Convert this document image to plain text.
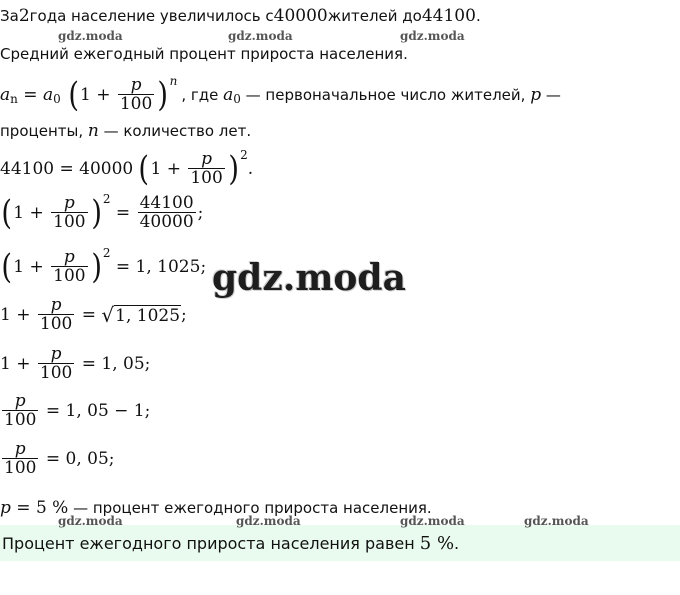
За 2 года население увеличилось с 40000 жителей до 44100 .
Средний ежегодный процент прироста населения.
$a_n = a_0$ ( $1 + \frac{p}{100} )^n$
, где $a_0$ — первоначальное число жителей, p —
проценты, n — количество лет.
44100 = 40000 ( $1 + \frac{p}{100} )^2$
.
( $1 + \frac{p}{100} )^2$
= $\frac{44100}{40000}$ ;
( $1 + \frac{p}{100} )^2$
= 1, 1025;
$1 + \frac{p}{100}$ = √ 1, 1025 ;
$1 + \frac{p}{100} = 1$, 05;
$\frac{p}{100} = 1$, 05 − 1;
$\frac{p}{100} = 0$, 05;
p = 5 % — процент ежегодного прироста населения.
Процент ежегодного прироста населения равен 5 % .
gdz.moda	gdz.moda	gdz.moda
gdz.moda	gdz.moda	gdz.moda	gdz.moda
gdz.moda
